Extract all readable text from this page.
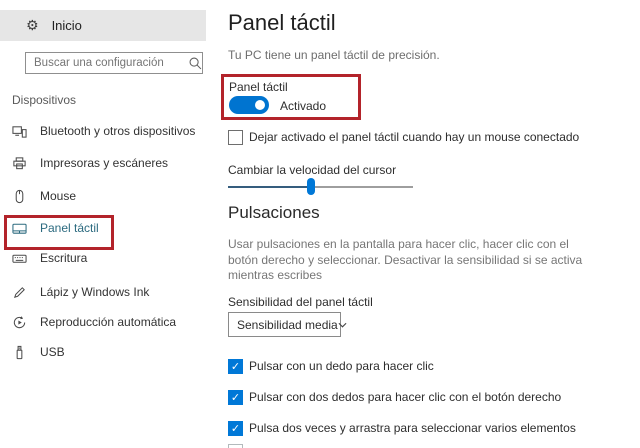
⚙ Inicio
Buscar una configuración
Dispositivos
Bluetooth y otros dispositivos
Impresoras y escáneres
Mouse
Panel táctil
Escritura
Lápiz y Windows Ink
Reproducción automática
USB
Panel táctil
Tu PC tiene un panel táctil de precisión.
Panel táctil
Activado
Dejar activado el panel táctil cuando hay un mouse conectado
Cambiar la velocidad del cursor
Pulsaciones
Usar pulsaciones en la pantalla para hacer clic, hacer clic con el
botón derecho y seleccionar. Desactivar la sensibilidad si se activa
mientras escribes
Sensibilidad del panel táctil
Sensibilidad media
✓ Pulsar con un dedo para hacer clic
✓ Pulsar con dos dedos para hacer clic con el botón derecho
✓ Pulsa dos veces y arrastra para seleccionar varios elementos
